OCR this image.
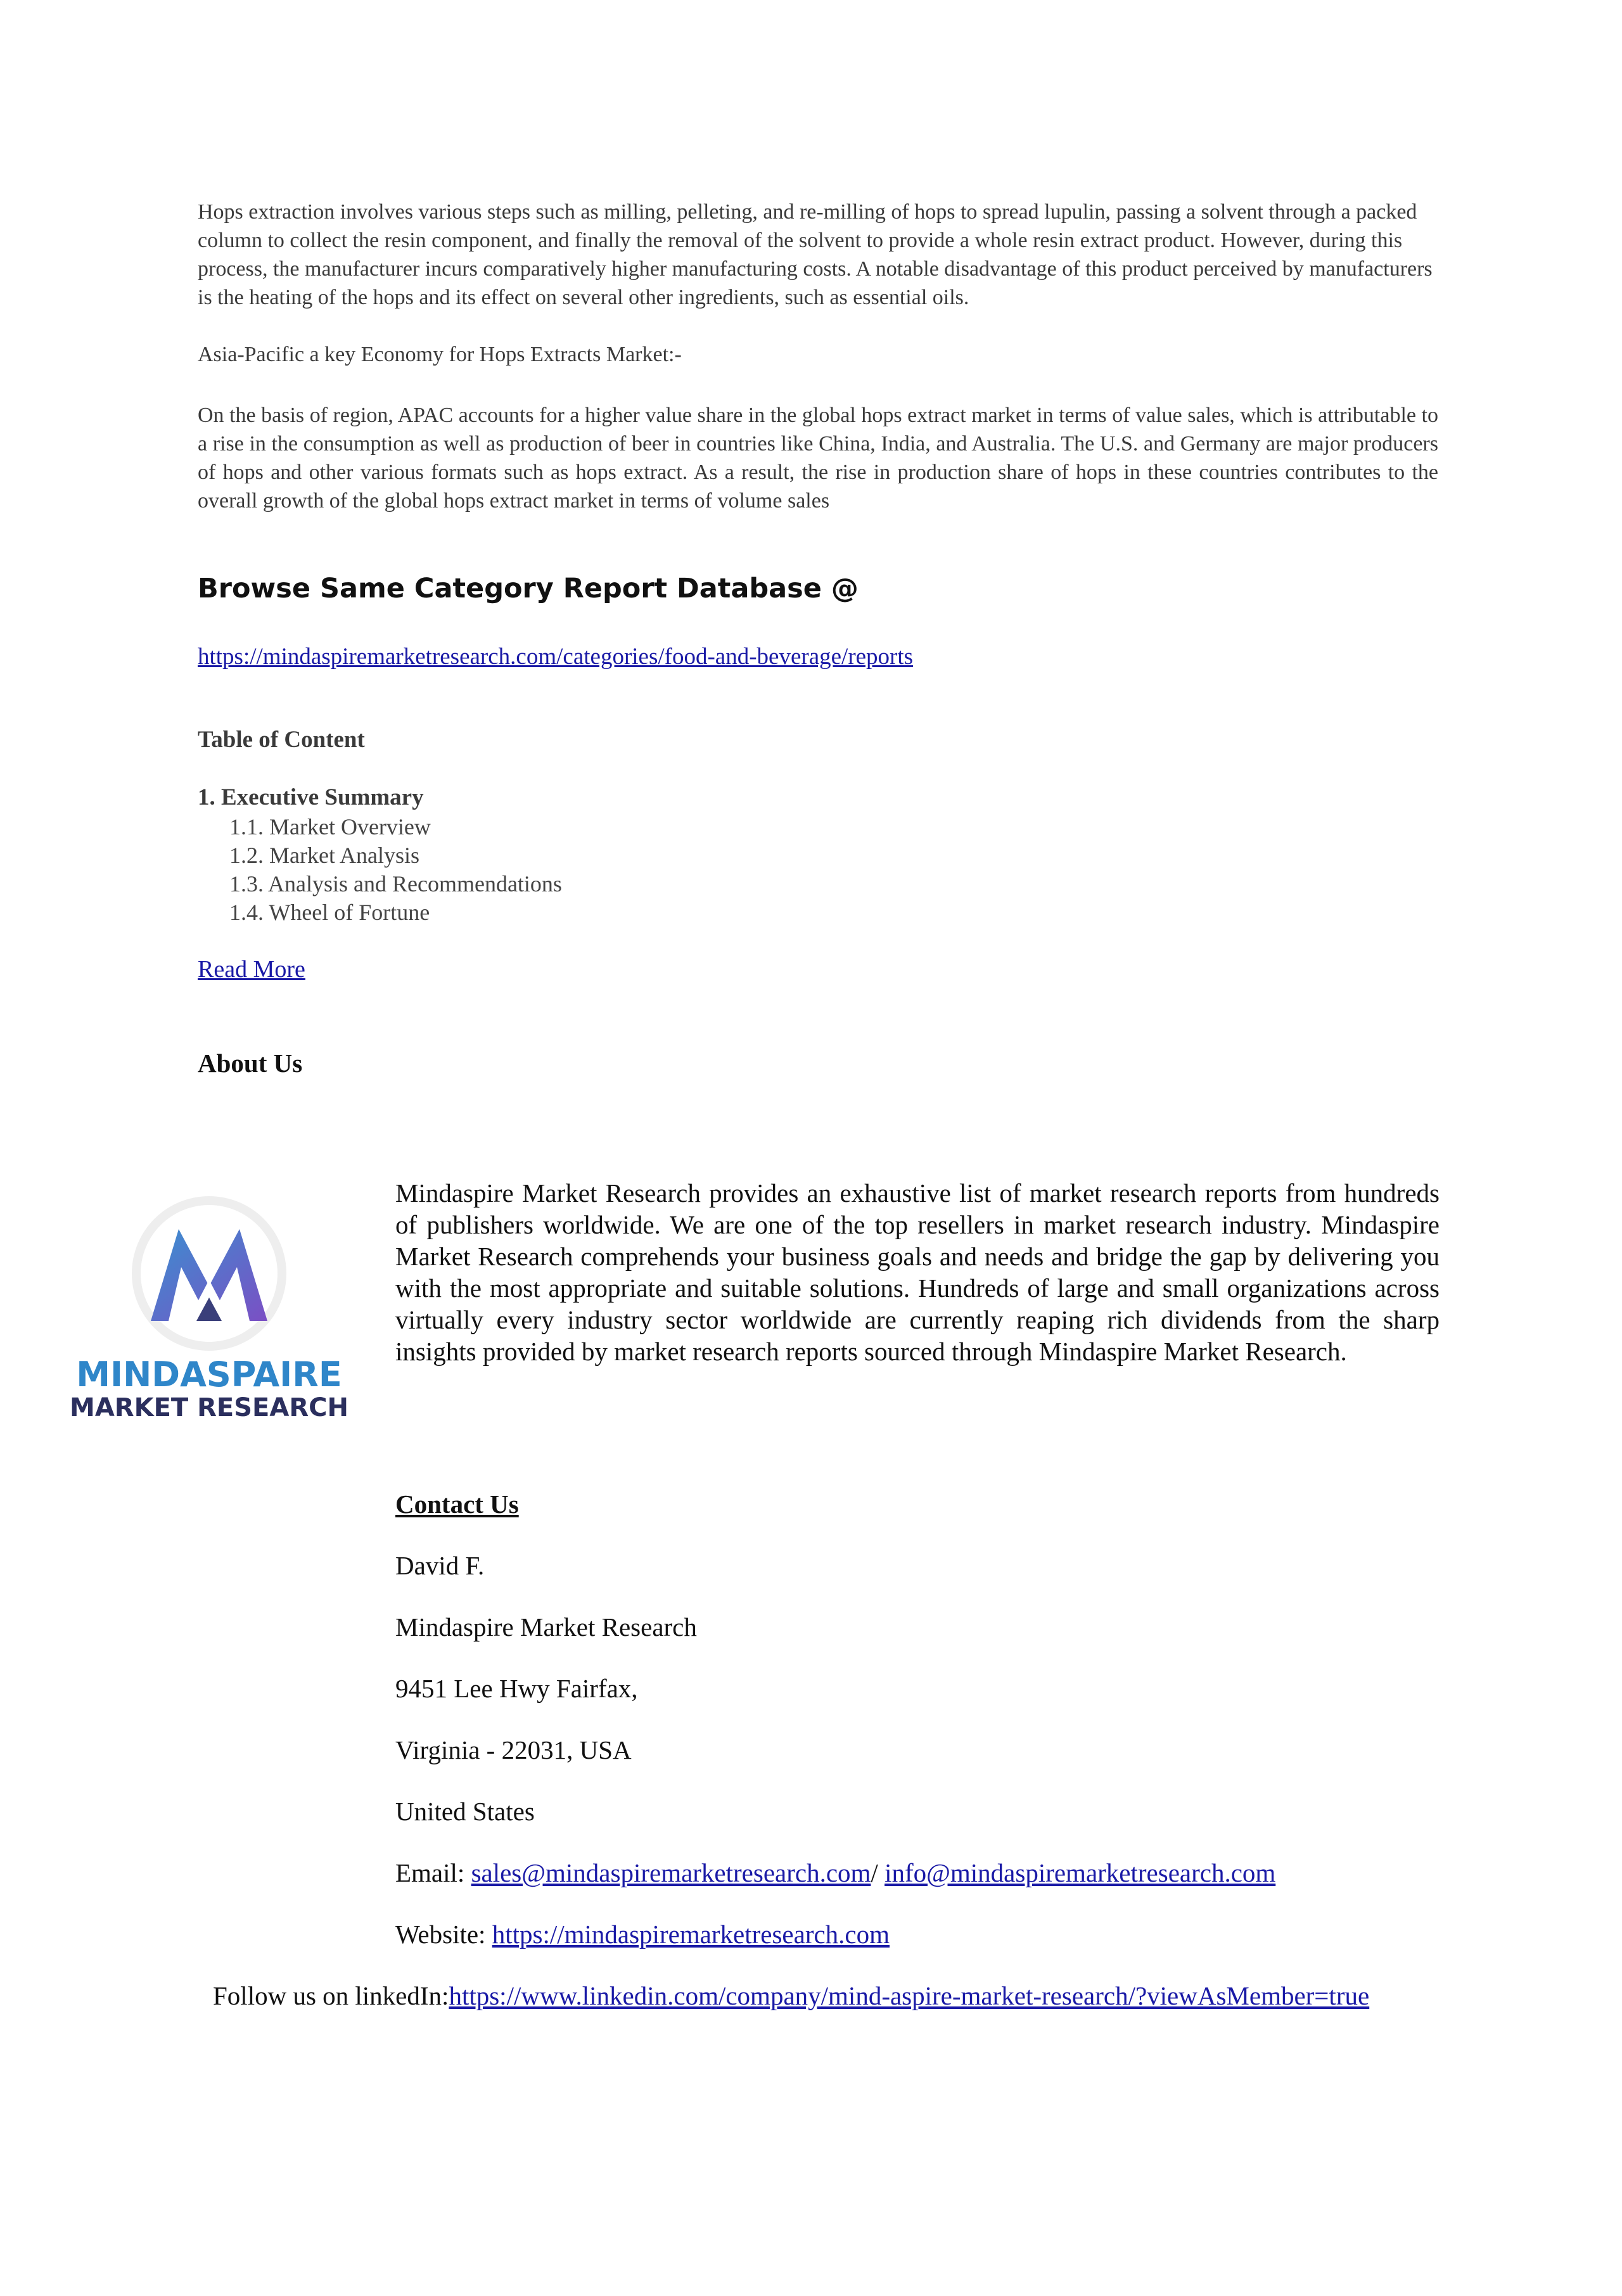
Hops extraction involves various steps such as milling, pelleting, and re-milling of hops to spread lupulin, passing a solvent through a packed column to collect the resin component, and finally the removal of the solvent to provide a whole resin extract product. However, during this process, the manufacturer incurs comparatively higher manufacturing costs. A notable disadvantage of this product perceived by manufacturers is the heating of the hops and its effect on several other ingredients, such as essential oils.

Asia-Pacific a key Economy for Hops Extracts Market:-

On the basis of region, APAC accounts for a higher value share in the global hops extract market in terms of value sales, which is attributable to a rise in the consumption as well as production of beer in countries like China, India, and Australia. The U.S. and Germany are major producers of hops and other various formats such as hops extract. As a result, the rise in production share of hops in these countries contributes to the overall growth of the global hops extract market in terms of volume sales

Browse Same Category Report Database @
https://mindaspiremarketresearch.com/categories/food-and-beverage/reports

Table of Content

1. Executive Summary

1.1. Market Overview

1.2. Market Analysis

1.3. Analysis and Recommendations

1.4. Wheel of Fortune

Read More

About Us

MINDASPAIRE
MARKET RESEARCH

Mindaspire Market Research provides an exhaustive list of market research reports from hundreds of publishers worldwide. We are one of the top resellers in market research industry. Mindaspire Market Research comprehends your business goals and needs and bridge the gap by delivering you with the most appropriate and suitable solutions. Hundreds of large and small organizations across virtually every industry sector worldwide are currently reaping rich dividends from the sharp insights provided by market research reports sourced through Mindaspire Market Research.

Contact Us

David F.

Mindaspire Market Research

9451 Lee Hwy Fairfax,

Virginia - 22031, USA

United States

Email: sales@mindaspiremarketresearch.com/ info@mindaspiremarketresearch.com

Website: https://mindaspiremarketresearch.com

Follow us on linkedIn:https://www.linkedin.com/company/mind-aspire-market-research/?viewAsMember=true
